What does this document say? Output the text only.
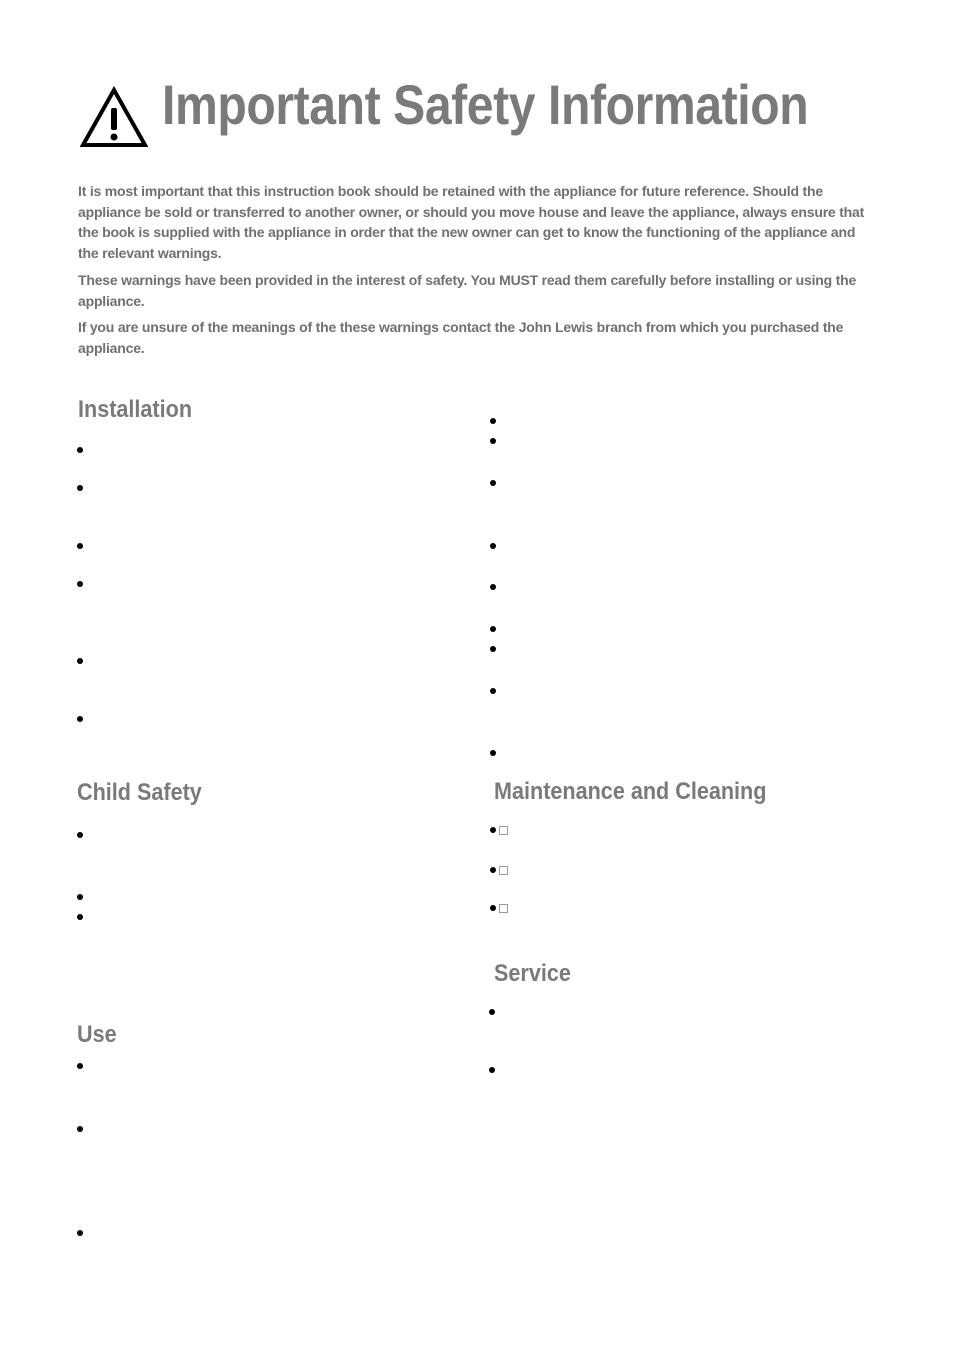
Important Safety Information

It is most important that this instruction book should be retained with the appliance for future reference. Should the appliance be sold or transferred to another owner, or should you move house and leave the appliance, always ensure that the book is supplied with the appliance in order that the new owner can get to know the functioning of the appliance and the relevant warnings.

These warnings have been provided in the interest of safety. You MUST read them carefully before installing or using the appliance.

If you are unsure of the meanings of the these warnings contact the John Lewis branch from which you purchased the appliance.

Installation
Child Safety
Use
Maintenance and Cleaning
Service
